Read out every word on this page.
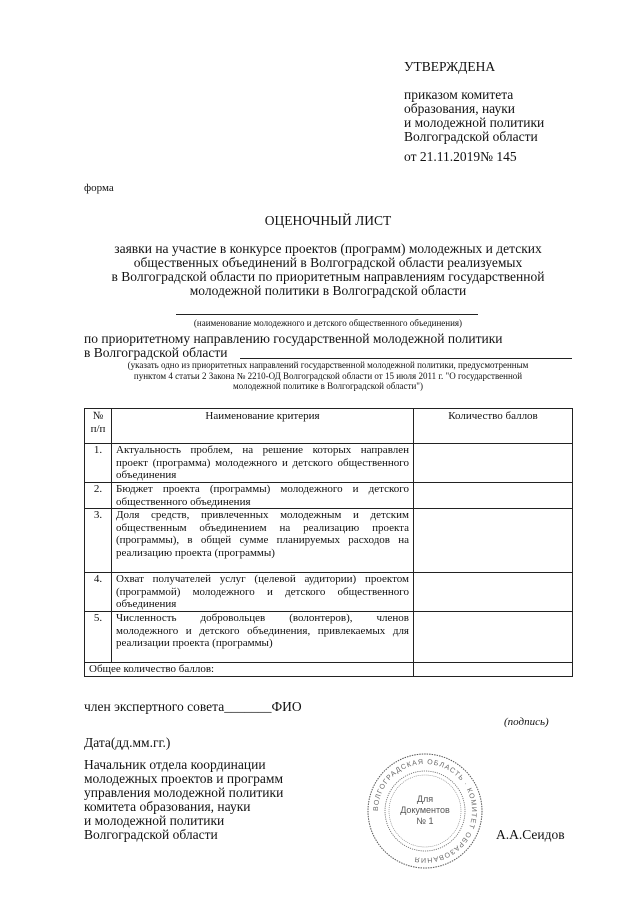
УТВЕРЖДЕНА
приказом комитета
образования, науки
и молодежной политики
Волгоградской области
от 21.11.2019№ 145
форма
ОЦЕНОЧНЫЙ ЛИСТ
заявки на участие в конкурсе проектов (программ) молодежных и детских
общественных объединений в Волгоградской области реализуемых
в Волгоградской области по приоритетным направлениям государственной
молодежной политики в Волгоградской области
(наименование молодежного и детского общественного объединения)
по приоритетному направлению государственной молодежной политики
в Волгоградской области
(указать одно из приоритетных направлений государственной молодежной политики, предусмотренным
пунктом 4 статьи 2 Закона № 2210-ОД Волгоградской области от 15 июля 2011 г. "О государственной
молодежной политике в Волгоградской области")
№ п/п	Наименование критерия	Количество баллов
1.	Актуальность проблем, на решение которых направлен проект (программа) молодежного и детского общественного объединения	
2.	Бюджет проекта (программы) молодежного и детского общественного объединения	
3.	Доля средств, привлеченных молодежным и детским общественным объединением на реализацию проекта (программы), в общей сумме планируемых расходов на реализацию проекта (программы)	
4.	Охват получателей услуг (целевой аудитории) проектом (программой) молодежного и детского общественного объединения	
5.	Численность добровольцев (волонтеров), членов молодежного и детского объединения, привлекаемых для реализации проекта (программы)	
Общее количество баллов:		
член экспертного совета_______ФИО
(подпись)
Дата(дд.мм.гг.)
Начальник отдела координации
молодежных проектов и программ
управления молодежной политики
комитета образования, науки
и молодежной политики
Волгоградской области	А.А.Сеидов
ВОЛГОГРАДСКАЯ ОБЛАСТЬ · КОМИТЕТ ОБРАЗОВАНИЯ
Для
Документов
№ 1
